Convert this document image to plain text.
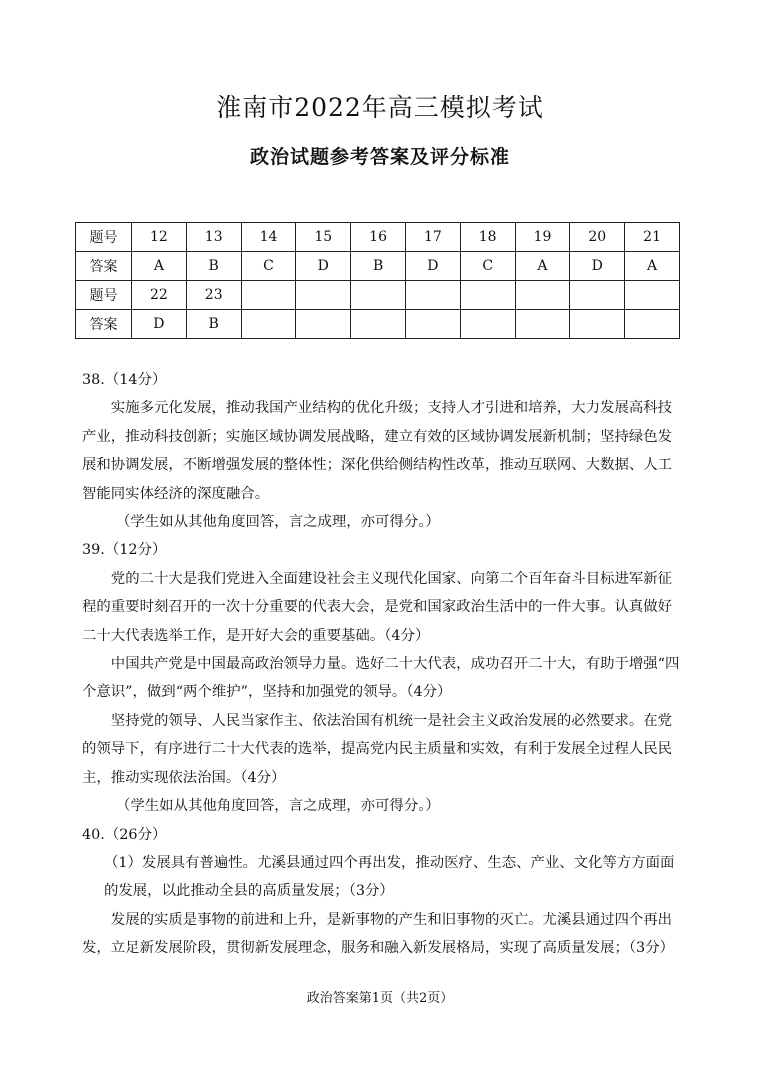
淮南市2022年高三模拟考试
政治试题参考答案及评分标准
题号	12	13	14	15	16	17	18	19	20	21
答案	A	B	C	D	B	D	C	A	D	A
题号	22	23								
答案	D	B								

38.（14分）

实施多元化发展，推动我国产业结构的优化升级；支持人才引进和培养，大力发展高科技产业，推动科技创新；实施区域协调发展战略，建立有效的区域协调发展新机制；坚持绿色发展和协调发展，不断增强发展的整体性；深化供给侧结构性改革，推动互联网、大数据、人工智能同实体经济的深度融合。

（学生如从其他角度回答，言之成理，亦可得分。）

39.（12分）

党的二十大是我们党进入全面建设社会主义现代化国家、向第二个百年奋斗目标进军新征程的重要时刻召开的一次十分重要的代表大会，是党和国家政治生活中的一件大事。认真做好二十大代表选举工作，是开好大会的重要基础。（4分）

中国共产党是中国最高政治领导力量。选好二十大代表，成功召开二十大，有助于增强“四个意识”，做到“两个维护”，坚持和加强党的领导。（4分）

坚持党的领导、人民当家作主、依法治国有机统一是社会主义政治发展的必然要求。在党的领导下，有序进行二十大代表的选举，提高党内民主质量和实效，有利于发展全过程人民民主，推动实现依法治国。（4分）

（学生如从其他角度回答，言之成理，亦可得分。）

40.（26分）

（1）发展具有普遍性。尤溪县通过四个再出发，推动医疗、生态、产业、文化等方方面面的发展，以此推动全县的高质量发展；（3分）

发展的实质是事物的前进和上升，是新事物的产生和旧事物的灭亡。尤溪县通过四个再出发，立足新发展阶段，贯彻新发展理念，服务和融入新发展格局，实现了高质量发展；（3分）

政治答案第1页（共2页）
